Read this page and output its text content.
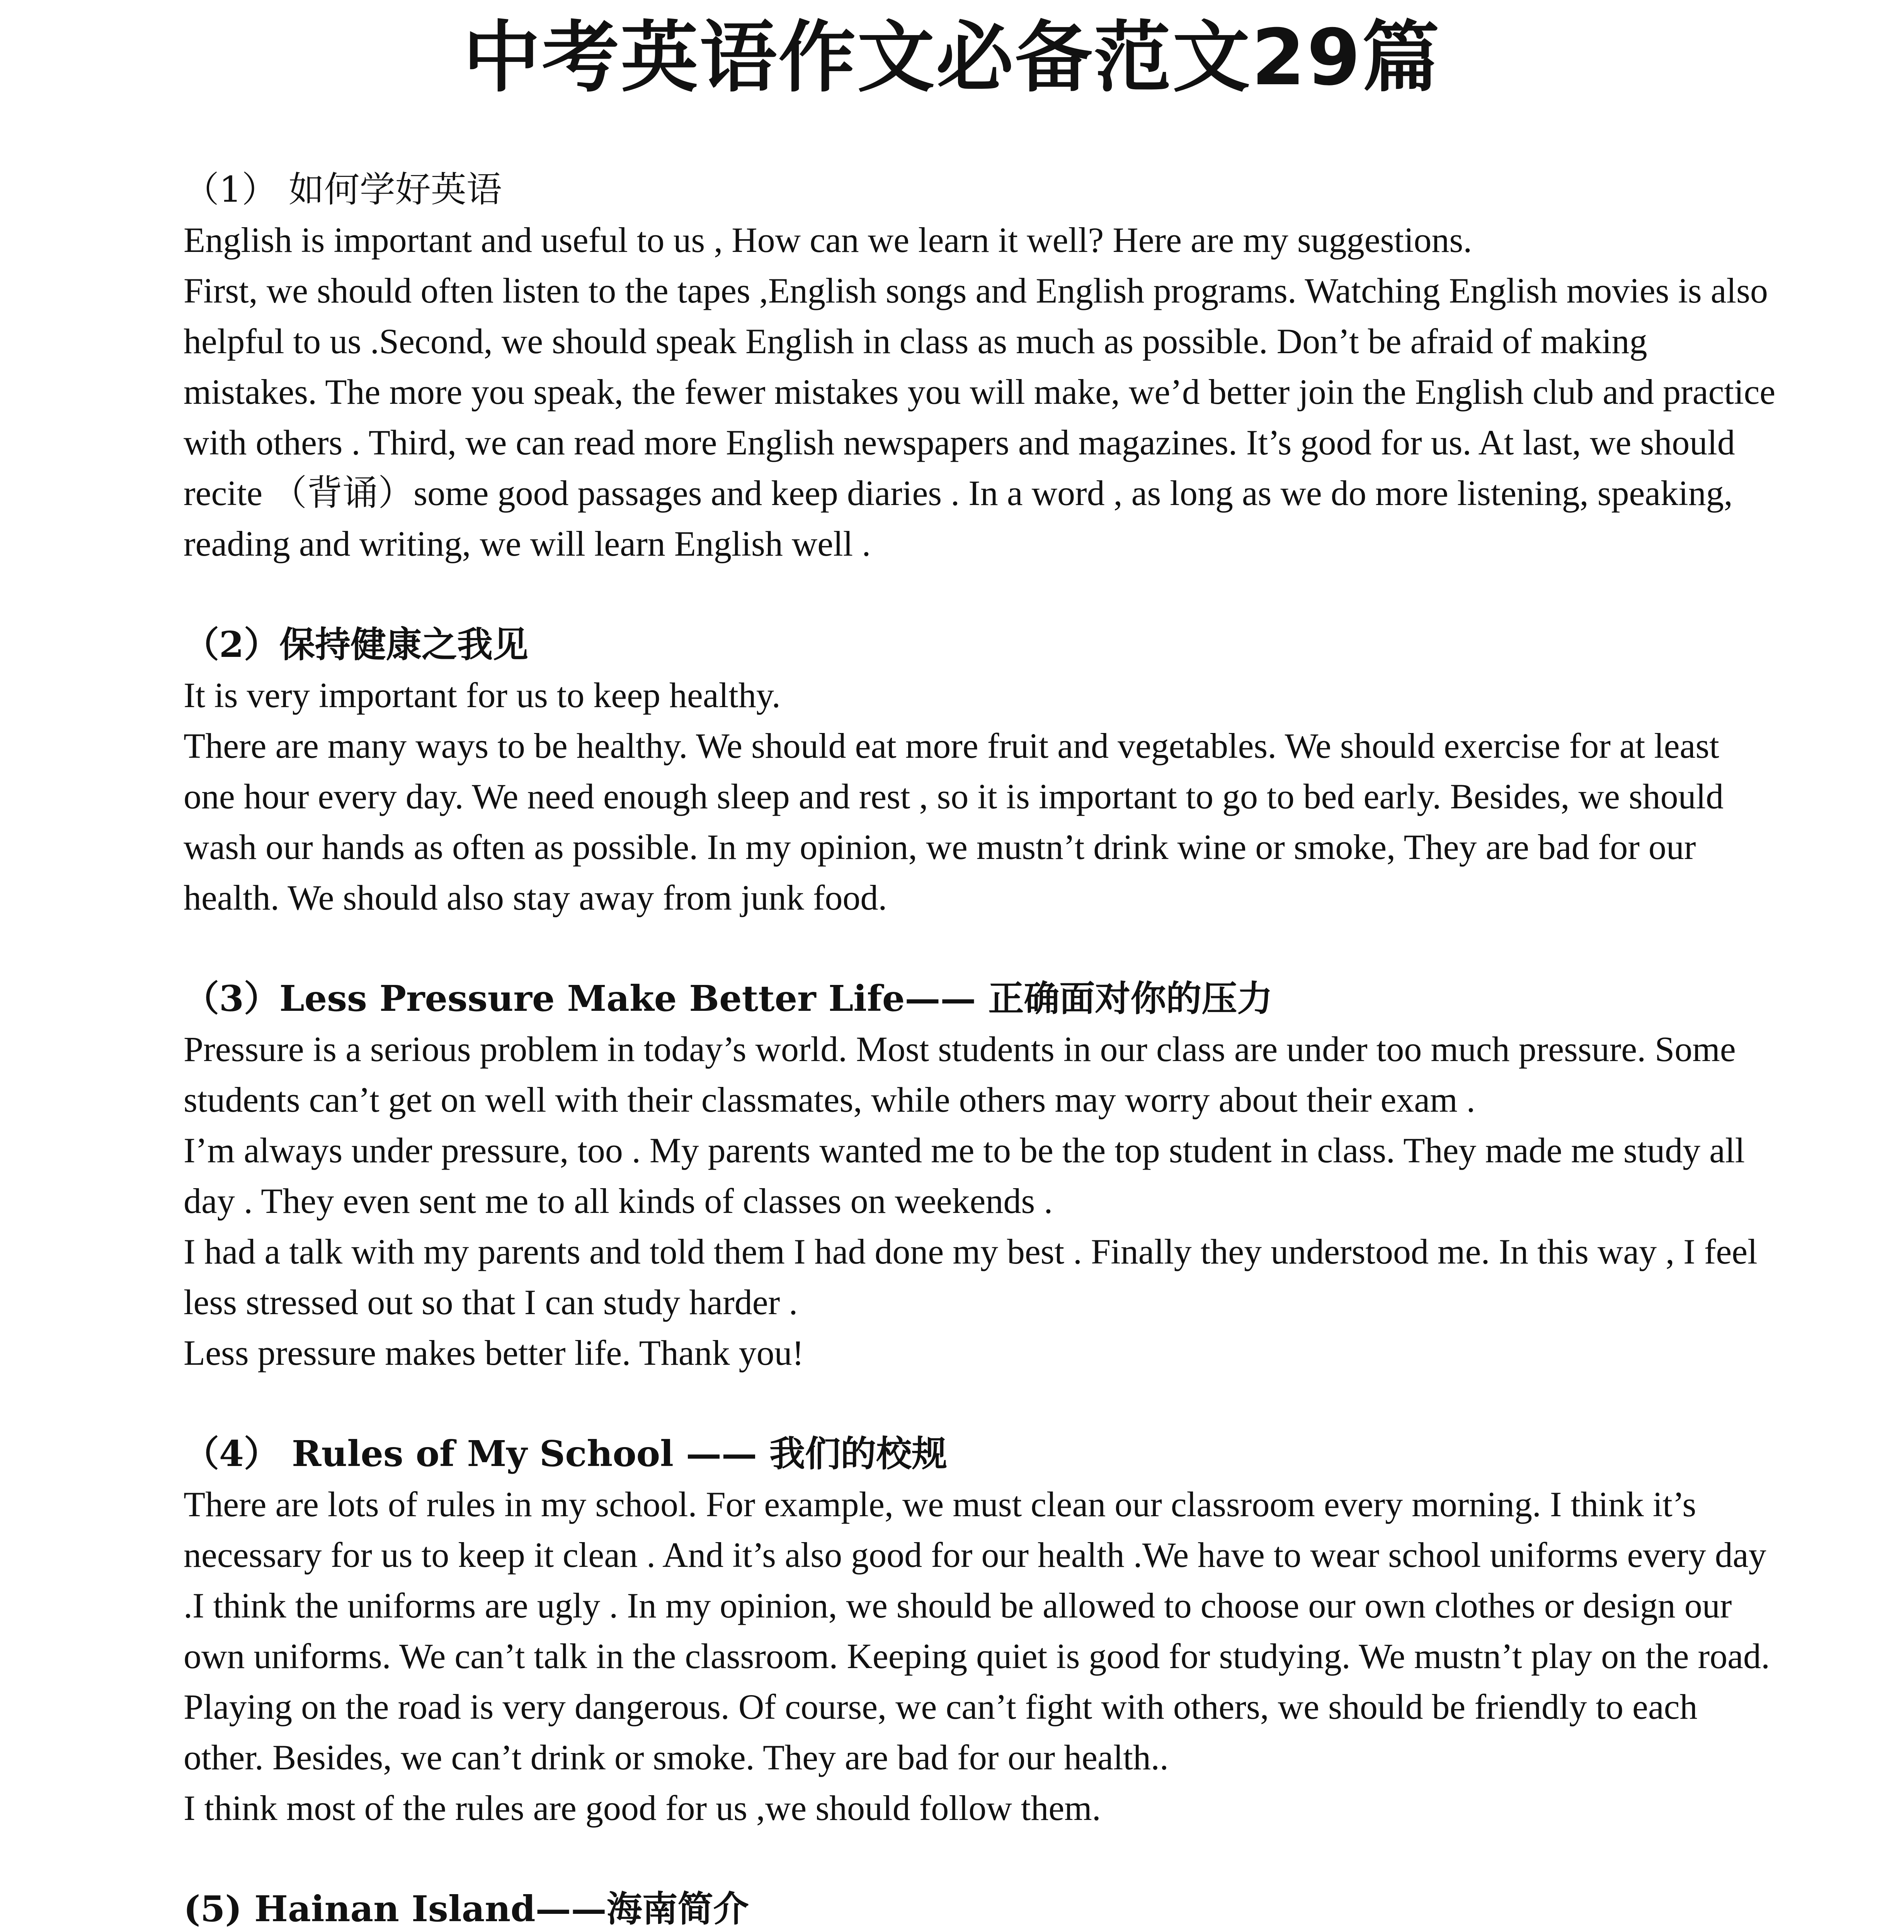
中考英语作文必备范文29篇

（1） 如何学好英语

English is important and useful to us , How can we learn it well? Here are my suggestions.

First, we should often listen to the tapes ,English songs and English programs. Watching English movies is also helpful to us .Second, we should speak English in class as much as possible. Don’t be afraid of making mistakes. The more you speak, the fewer mistakes you will make, we’d better join the English club and practice with others . Third, we can read more English newspapers and magazines. It’s good for us. At last, we should recite （背诵）some good passages and keep diaries . In a word , as long as we do more listening, speaking, reading and writing, we will learn English well .

（2）保持健康之我见

It is very important for us to keep healthy.

There are many ways to be healthy. We should eat more fruit and vegetables. We should exercise for at least one hour every day. We need enough sleep and rest , so it is important to go to bed early. Besides, we should wash our hands as often as possible. In my opinion, we mustn’t drink wine or smoke, They are bad for our health. We should also stay away from junk food.

（3）Less Pressure Make Better Life—— 正确面对你的压力

Pressure is a serious problem in today’s world. Most students in our class are under too much pressure. Some students can’t get on well with their classmates, while others may worry about their exam .

I’m always under pressure, too . My parents wanted me to be the top student in class. They made me study all day . They even sent me to all kinds of classes on weekends .

I had a talk with my parents and told them I had done my best . Finally they understood me. In this way , I feel less stressed out so that I can study harder .

Less pressure makes better life. Thank you!

（4） Rules of My School —— 我们的校规

There are lots of rules in my school. For example, we must clean our classroom every morning. I think it’s necessary for us to keep it clean . And it’s also good for our health .We have to wear school uniforms every day .I think the uniforms are ugly . In my opinion, we should be allowed to choose our own clothes or design our own uniforms. We can’t talk in the classroom. Keeping quiet is good for studying. We mustn’t play on the road. Playing on the road is very dangerous. Of course, we can’t fight with others, we should be friendly to each other. Besides, we can’t drink or smoke. They are bad for our health..

I think most of the rules are good for us ,we should follow them.

(5) Hainan Island——海南简介
